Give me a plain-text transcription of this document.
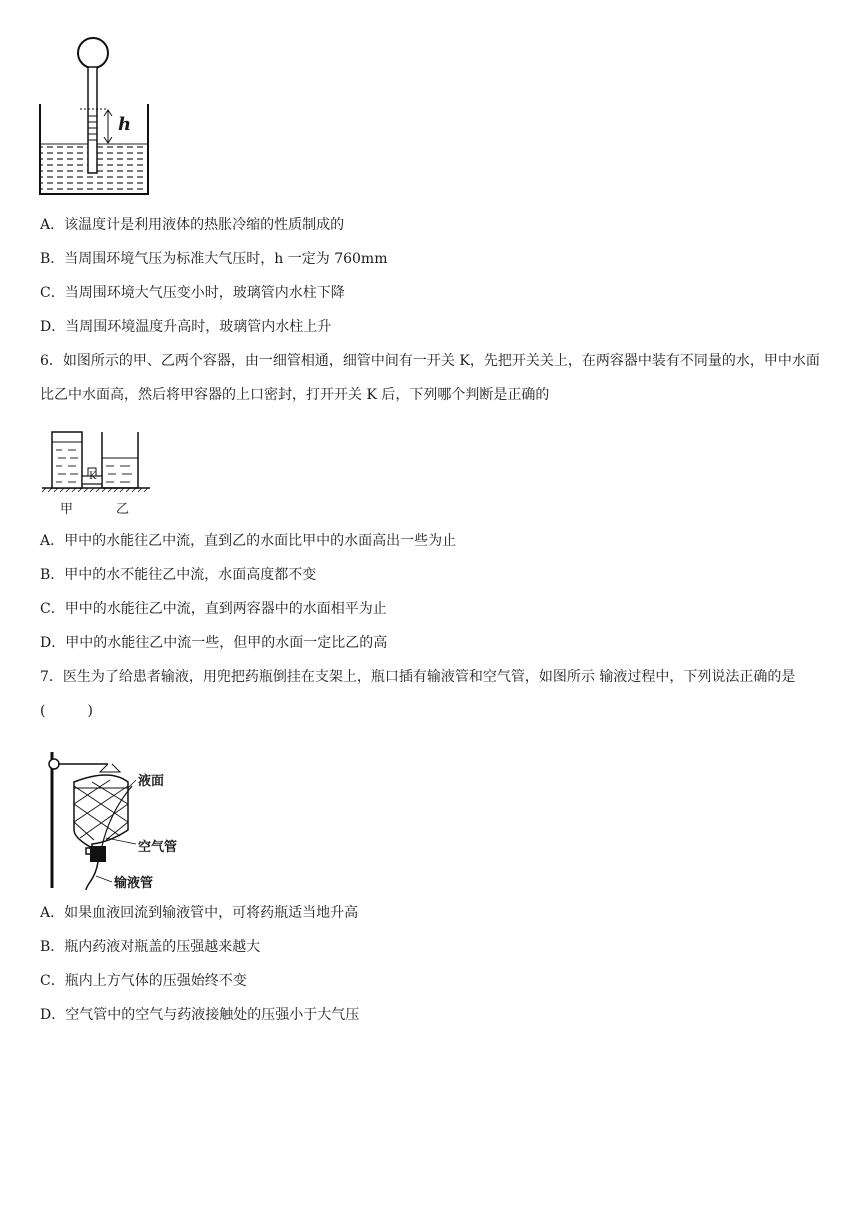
h
A．该温度计是利用液体的热胀冷缩的性质制成的
B．当周围环境气压为标准大气压时，h 一定为 760mm
C．当周围环境大气压变小时，玻璃管内水柱下降
D．当周围环境温度升高时，玻璃管内水柱上升
6．如图所示的甲、乙两个容器，由一细管相通，细管中间有一开关 K，先把开关关上，在两容器中装有不同量的水，甲中水面比乙中水面高，然后将甲容器的上口密封，打开开关 K 后，下列哪个判断是正确的
K
甲	乙
A．甲中的水能往乙中流，直到乙的水面比甲中的水面高出一些为止
B．甲中的水不能往乙中流，水面高度都不变
C．甲中的水能往乙中流，直到两容器中的水面相平为止
D．甲中的水能往乙中流一些，但甲的水面一定比乙的高
7．医生为了给患者输液，用兜把药瓶倒挂在支架上，瓶口插有输液管和空气管，如图所示 输液过程中，下列说法正确的是(　　　)
液面
空气管
输液管
A．如果血液回流到输液管中，可将药瓶适当地升高
B．瓶内药液对瓶盖的压强越来越大
C．瓶内上方气体的压强始终不变
D．空气管中的空气与药液接触处的压强小于大气压
